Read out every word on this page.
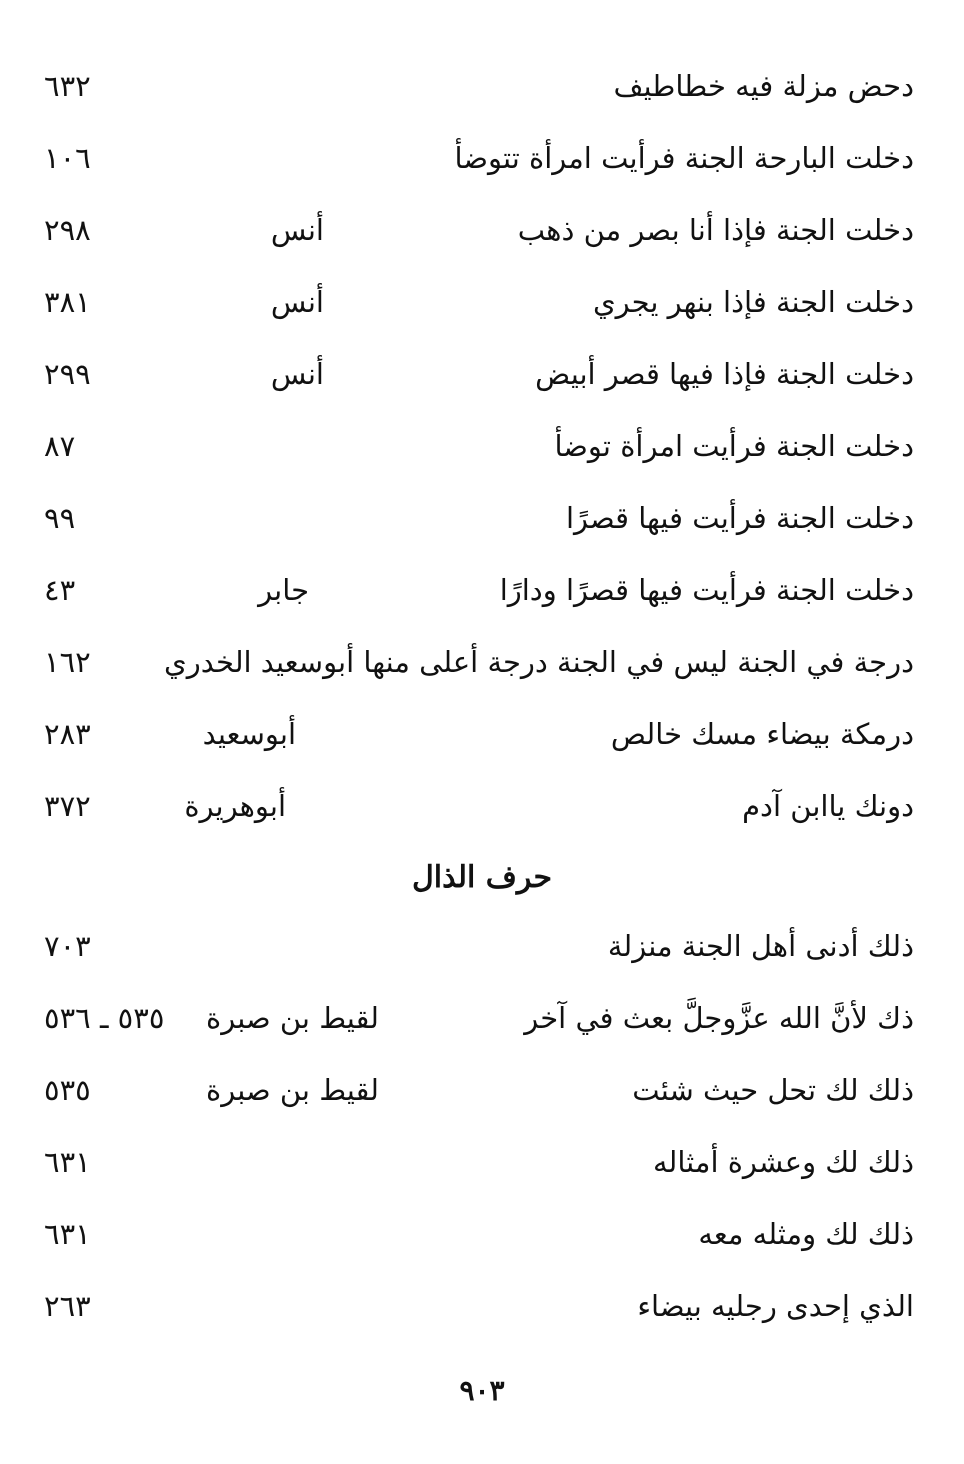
دحض مزلة فيه خطاطيف
٦٣٢
دخلت البارحة الجنة فرأيت امرأة تتوضأ
١٠٦
دخلت الجنة فإذا أنا بصر من ذهب
أنس
٢٩٨
دخلت الجنة فإذا بنهر يجري
أنس
٣٨١
دخلت الجنة فإذا فيها قصر أبيض
أنس
٢٩٩
دخلت الجنة فرأيت امرأة توضأ
٨٧
دخلت الجنة فرأيت فيها قصرًا
٩٩
دخلت الجنة فرأيت فيها قصرًا ودارًا
جابر
٤٣
درجة في الجنة ليس في الجنة درجة أعلى منها أبوسعيد الخدري
١٦٢
درمكة بيضاء مسك خالص
أبوسعيد
٢٨٣
دونك ياابن آدم
أبوهريرة
٣٧٢
حرف الذال
ذلك أدنى أهل الجنة منزلة
٧٠٣
ذك لأنَّ الله عزَّوجلَّ بعث في آخر
لقيط بن صبرة
٥٣٥ ـ ٥٣٦
ذلك لك تحل حيث شئت
لقيط بن صبرة
٥٣٥
ذلك لك وعشرة أمثاله
٦٣١
ذلك لك ومثله معه
٦٣١
الذي إحدى رجليه بيضاء
٢٦٣
٩٠٣
